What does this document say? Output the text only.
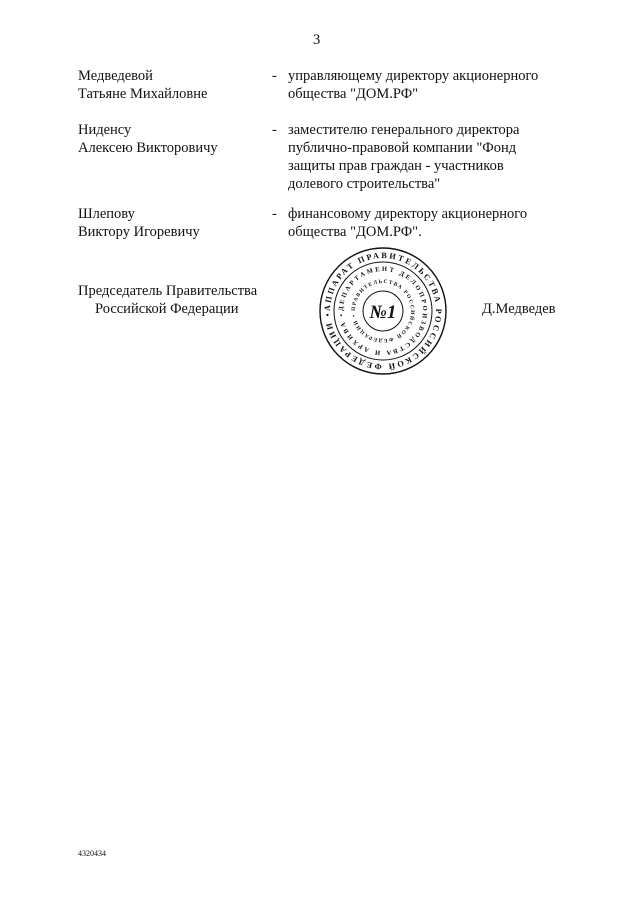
3
Медведевой
Татьяне Михайловне
- управляющему директору акционерного
общества "ДОМ.РФ"
Нидeнсу
Алексею Викторовичу
- заместителю генерального директора
публично-правовой компании "Фонд
защиты прав граждан - участников
долевого строительства"
Шлепову
Виктору Игоревичу
- финансовому директору акционерного
общества "ДОМ.РФ".
Председатель Правительства
Российской Федерации	Д.Медведев
АППАРАТ ПРАВИТЕЛЬСТВА РОССИЙСКОЙ ФЕДЕРАЦИИ •
ДЕПАРТАМЕНТ ДЕЛОПРОИЗВОДСТВА И АРХИВА •
ПРАВИТЕЛЬСТВА РОССИЙСКОЙ ФЕДЕРАЦИИ • №1
4320434
